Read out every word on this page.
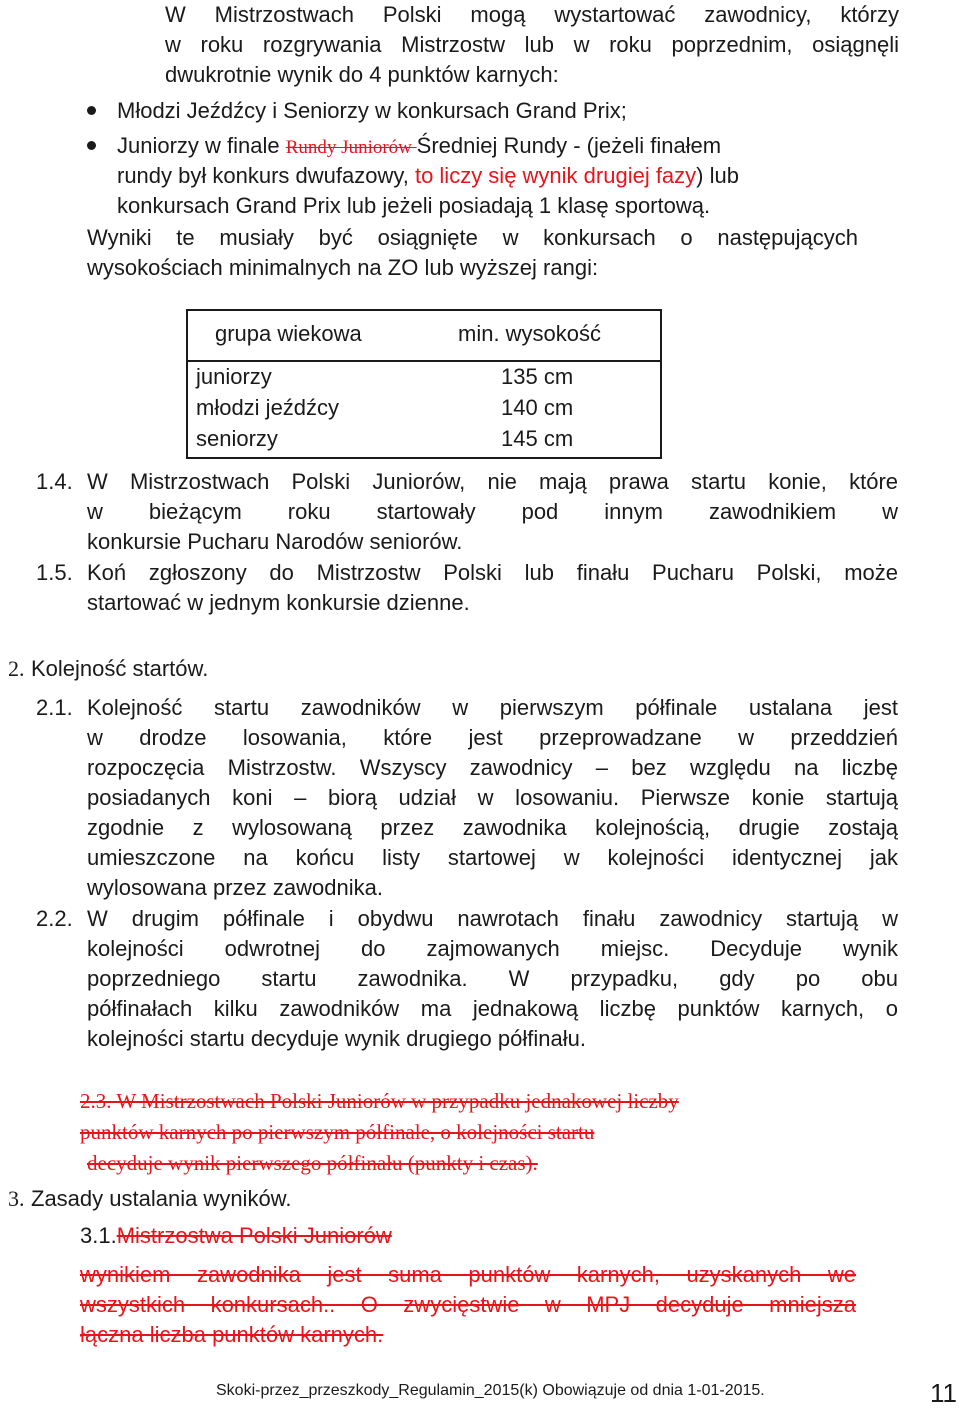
W Mistrzostwach Polski mogą wystartować zawodnicy, którzy
w roku rozgrywania Mistrzostw lub w roku poprzednim, osiągnęli
dwukrotnie wynik do 4 punktów karnych:
Młodzi Jeźdźcy i Seniorzy w konkursach Grand Prix;
Juniorzy w finale Rundy Juniorów Średniej Rundy - (jeżeli finałem
rundy był konkurs dwufazowy, to liczy się wynik drugiej fazy) lub
konkursach Grand Prix lub jeżeli posiadają 1 klasę sportową.
Wyniki te musiały być osiągnięte w konkursach o następujących
wysokościach minimalnych na ZO lub wyższej rangi:
grupa wiekowa	min. wysokość
juniorzy	135 cm
młodzi jeźdźcy	140 cm
seniorzy	145 cm
1.4. W Mistrzostwach Polski Juniorów, nie mają prawa startu konie, które
w bieżącym roku startowały pod innym zawodnikiem w
konkursie Pucharu Narodów seniorów.
1.5. Koń zgłoszony do Mistrzostw Polski lub finału Pucharu Polski, może
startować w jednym konkursie dzienne.
2. Kolejność startów.
2.1. Kolejność startu zawodników w pierwszym półfinale ustalana jest
w drodze losowania, które jest przeprowadzane w przeddzień
rozpoczęcia Mistrzostw. Wszyscy zawodnicy – bez względu na liczbę
posiadanych koni – biorą udział w losowaniu. Pierwsze konie startują
zgodnie z wylosowaną przez zawodnika kolejnością, drugie zostają
umieszczone na końcu listy startowej w kolejności identycznej jak
wylosowana przez zawodnika.
2.2. W drugim półfinale i obydwu nawrotach finału zawodnicy startują w
kolejności odwrotnej do zajmowanych miejsc. Decyduje wynik
poprzedniego startu zawodnika. W przypadku, gdy po obu
półfinałach kilku zawodników ma jednakową liczbę punktów karnych, o
kolejności startu decyduje wynik drugiego półfinału.
2.3. W Mistrzostwach Polski Juniorów w przypadku jednakowej liczby
punktów karnych po pierwszym półfinale, o kolejności startu
decyduje wynik pierwszego półfinału (punkty i czas).
3. Zasady ustalania wyników.
3.1.Mistrzostwa Polski Juniorów
wynikiem zawodnika jest suma punktów karnych, uzyskanych we
wszystkich konkursach.. O zwycięstwie w MPJ decyduje mniejsza
łączna liczba punktów karnych.
Skoki-przez_przeszkody_Regulamin_2015(k) Obowiązuje od dnia 1-01-2015.	11
